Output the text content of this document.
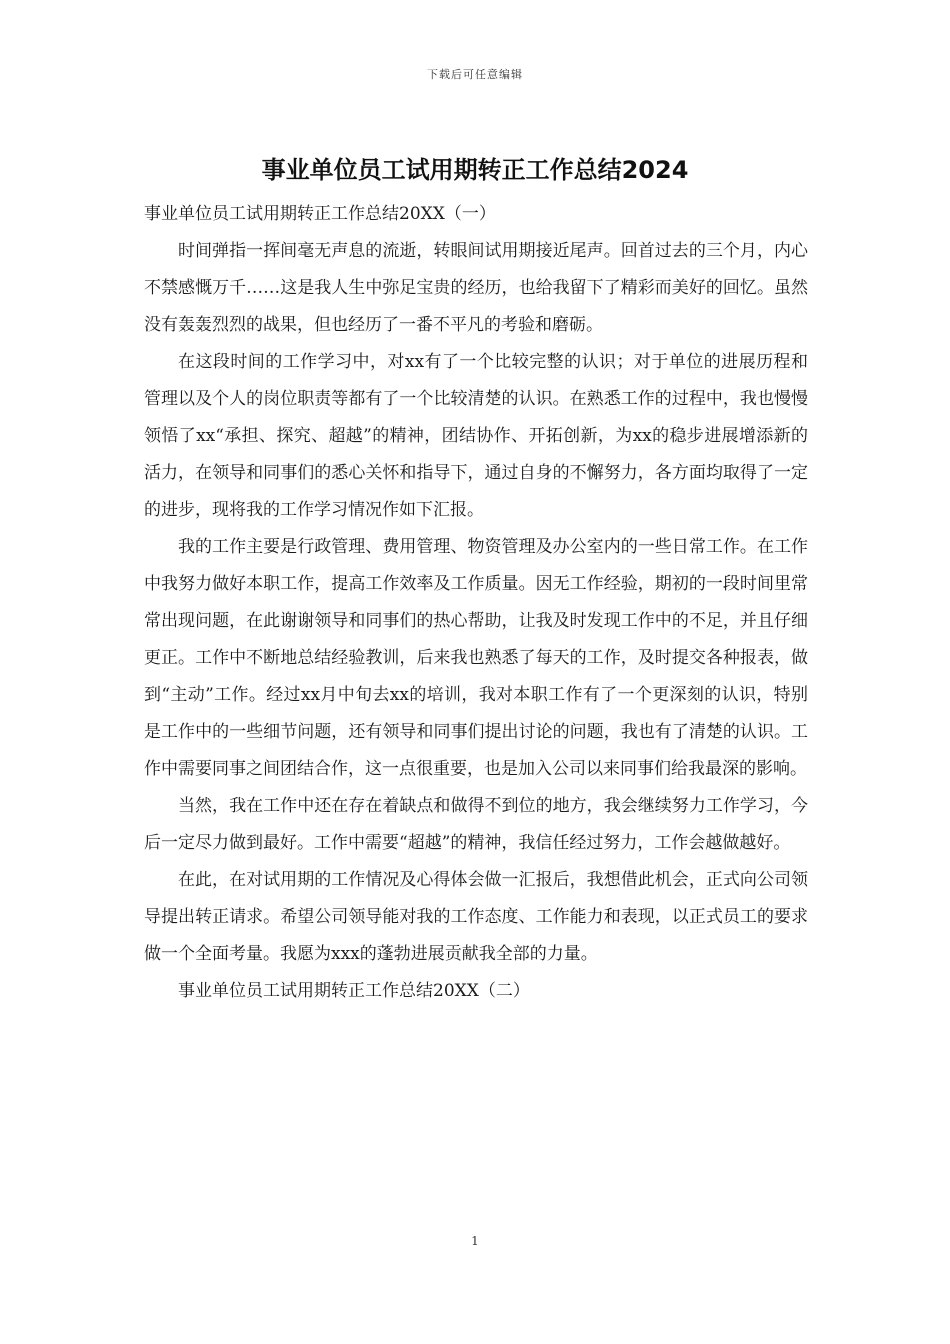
下载后可任意编辑
事业单位员工试用期转正工作总结2024

事业单位员工试用期转正工作总结20XX（一）

时间弹指一挥间毫无声息的流逝，转眼间试用期接近尾声。回首过去的三个月，内心不禁感慨万千……这是我人生中弥足宝贵的经历，也给我留下了精彩而美好的回忆。虽然没有轰轰烈烈的战果，但也经历了一番不平凡的考验和磨砺。

在这段时间的工作学习中，对xx有了一个比较完整的认识；对于单位的进展历程和管理以及个人的岗位职责等都有了一个比较清楚的认识。在熟悉工作的过程中，我也慢慢领悟了xx“承担、探究、超越”的精神，团结协作、开拓创新，为xx的稳步进展增添新的活力，在领导和同事们的悉心关怀和指导下，通过自身的不懈努力，各方面均取得了一定的进步，现将我的工作学习情况作如下汇报。

我的工作主要是行政管理、费用管理、物资管理及办公室内的一些日常工作。在工作中我努力做好本职工作，提高工作效率及工作质量。因无工作经验，期初的一段时间里常常出现问题，在此谢谢领导和同事们的热心帮助，让我及时发现工作中的不足，并且仔细更正。工作中不断地总结经验教训，后来我也熟悉了每天的工作，及时提交各种报表，做到“主动”工作。经过xx月中旬去xx的培训，我对本职工作有了一个更深刻的认识，特别是工作中的一些细节问题，还有领导和同事们提出讨论的问题，我也有了清楚的认识。工作中需要同事之间团结合作，这一点很重要，也是加入公司以来同事们给我最深的影响。

当然，我在工作中还在存在着缺点和做得不到位的地方，我会继续努力工作学习，今后一定尽力做到最好。工作中需要“超越”的精神，我信任经过努力，工作会越做越好。

在此，在对试用期的工作情况及心得体会做一汇报后，我想借此机会，正式向公司领导提出转正请求。希望公司领导能对我的工作态度、工作能力和表现，以正式员工的要求做一个全面考量。我愿为xxx的蓬勃进展贡献我全部的力量。

事业单位员工试用期转正工作总结20XX（二）

1
